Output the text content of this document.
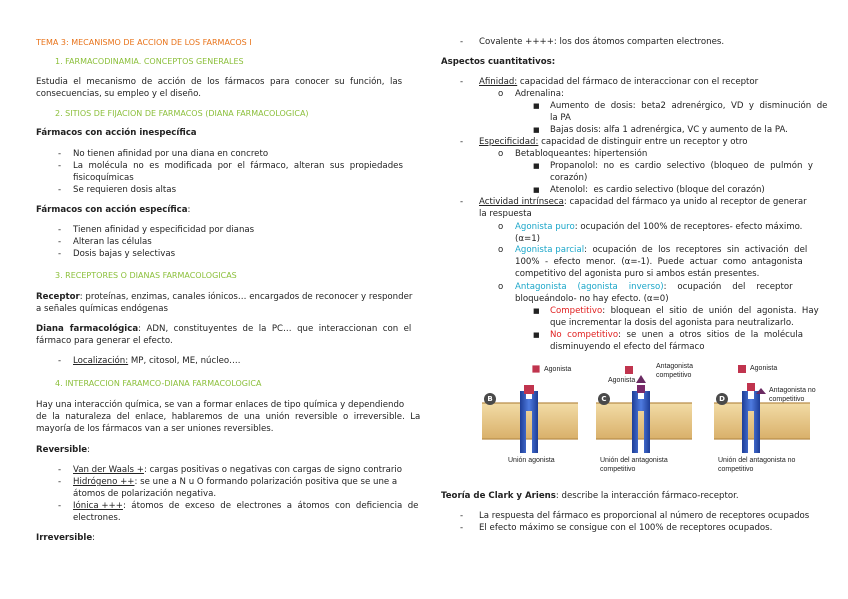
TEMA 3: MECANISMO DE ACCION DE LOS FARMACOS I
1. FARMACODINAMIA. CONCEPTOS GENERALES
Estudia  el  mecanismo  de  acción  de  los  fármacos  para  conocer  su  función,  las
consecuencias, su empleo y el diseño.
2. SITIOS DE FIJACION DE FARMACOS (DIANA FARMACOLOGICA)
Fármacos con acción inespecífica
- No tienen afinidad por una diana en concreto
- La  molécula  no  es  modificada  por  el  fármaco,  alteran  sus  propiedades
fisicoquímicas
- Se requieren dosis altas
Fármacos con acción específica:
- Tienen afinidad y especificidad por dianas
- Alteran las células
- Dosis bajas y selectivas
3. RECEPTORES O DIANAS FARMACOLOGICAS
Receptor: proteínas, enzimas, canales iónicos… encargados de reconocer y responder
a señales químicas endógenas
Diana  farmacológica:  ADN,  constituyentes  de  la  PC…  que  interaccionan  con  el
fármaco para generar el efecto.
- Localización: MP, citosol, ME, núcleo….
4. INTERACCION FARAMCO-DIANA FARMACOLOGICA
Hay una interacción química, se van a formar enlaces de tipo química y dependiendo
de  la  naturaleza  del  enlace,  hablaremos  de  una  unión  reversible  o  irreversible.  La
mayoría de los fármacos van a ser uniones reversibles.
Reversible:
- Van der Waals +: cargas positivas o negativas con cargas de signo contrario
- Hidrógeno ++: se une a N u O formando polarización positiva que se une a
átomos de polarización negativa.
- Iónica +++:  átomos  de  exceso  de  electrones  a  átomos  con  deficiencia  de
electrones.
Irreversible:
- Covalente ++++: los dos átomos comparten electrones.
Aspectos cuantitativos:
- Afinidad: capacidad del fármaco de interaccionar con el receptor
o Adrenalina:
■ Aumento  de  dosis:  beta2  adrenérgico,  VD  y  disminución  de
la PA
■ Bajas dosis: alfa 1 adrenérgica, VC y aumento de la PA.
- Especificidad: capacidad de distinguir entre un receptor y otro
o Betabloqueantes: hipertensión
■ Propanolol:  no  es  cardio  selectivo  (bloqueo  de  pulmón  y
corazón)
■ Atenolol:  es cardio selectivo (bloque del corazón)
- Actividad intrínseca: capacidad del fármaco ya unido al receptor de generar
la respuesta
o Agonista puro: ocupación del 100% de receptores- efecto máximo.
(α=1)
o Agonista parcial:  ocupación  de  los  receptores  sin  activación  del
100%  -  efecto  menor.  (α=-1).  Puede  actuar  como  antagonista
competitivo del agonista puro si ambos están presentes.
o Antagonista    (agonista    inverso):    ocupación    del    receptor
bloqueándolo- no hay efecto. (α=0)
■ Competitivo:  bloquean  el  sitio  de  unión  del  agonista.  Hay
que incrementar la dosis del agonista para neutralizarlo.
■ No  competitivo:  se  unen  a  otros  sitios  de  la  molécula
disminuyendo el efecto del fármaco
B	C	D
Agonista
Agonista
Antagonista competitivo
Agonista
Antagonista no competitivo
Unión agonista	Unión del antagonista competitivo
Unión del antagonista no competitivo
Teoría de Clark y Ariens: describe la interacción fármaco-receptor.
- La respuesta del fármaco es proporcional al número de receptores ocupados
- El efecto máximo se consigue con el 100% de receptores ocupados.
